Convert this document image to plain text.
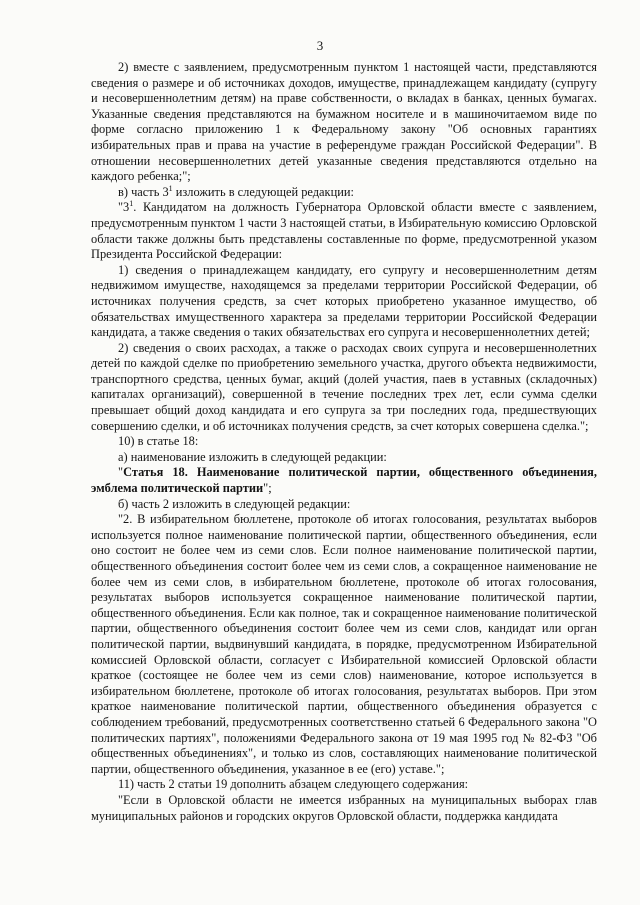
3

2) вместе с заявлением, предусмотренным пунктом 1 настоящей части, представляются сведения о размере и об источниках доходов, имуществе, принадлежащем кандидату (супругу и несовершеннолетним детям) на праве собственности, о вкладах в банках, ценных бумагах. Указанные сведения представляются на бумажном носителе и в машиночитаемом виде по форме согласно приложению 1 к Федеральному закону "Об основных гарантиях избирательных прав и права на участие в референдуме граждан Российской Федерации". В отношении несовершеннолетних детей указанные сведения представляются отдельно на каждого ребенка;";

в) часть $3^1$ изложить в следующей редакции:

"$3^1$. Кандидатом на должность Губернатора Орловской области вместе с заявлением, предусмотренным пунктом 1 части 3 настоящей статьи, в Избирательную комиссию Орловской области также должны быть представлены составленные по форме, предусмотренной указом Президента Российской Федерации:

1) сведения о принадлежащем кандидату, его супругу и несовершеннолетним детям недвижимом имуществе, находящемся за пределами территории Российской Федерации, об источниках получения средств, за счет которых приобретено указанное имущество, об обязательствах имущественного характера за пределами территории Российской Федерации кандидата, а также сведения о таких обязательствах его супруга и несовершеннолетних детей;

2) сведения о своих расходах, а также о расходах своих супруга и несовершеннолетних детей по каждой сделке по приобретению земельного участка, другого объекта недвижимости, транспортного средства, ценных бумаг, акций (долей участия, паев в уставных (складочных) капиталах организаций), совершенной в течение последних трех лет, если сумма сделки превышает общий доход кандидата и его супруга за три последних года, предшествующих совершению сделки, и об источниках получения средств, за счет которых совершена сделка.";

10) в статье 18:

а) наименование изложить в следующей редакции:

"Статья 18. Наименование политической партии, общественного объединения, эмблема политической партии";

б) часть 2 изложить в следующей редакции:

"2. В избирательном бюллетене, протоколе об итогах голосования, результатах выборов используется полное наименование политической партии, общественного объединения, если оно состоит не более чем из семи слов. Если полное наименование политической партии, общественного объединения состоит более чем из семи слов, а сокращенное наименование не более чем из семи слов, в избирательном бюллетене, протоколе об итогах голосования, результатах выборов используется сокращенное наименование политической партии, общественного объединения. Если как полное, так и сокращенное наименование политической партии, общественного объединения состоит более чем из семи слов, кандидат или орган политической партии, выдвинувший кандидата, в порядке, предусмотренном Избирательной комиссией Орловской области, согласует с Избирательной комиссией Орловской области краткое (состоящее не более чем из семи слов) наименование, которое используется в избирательном бюллетене, протоколе об итогах голосования, результатах выборов. При этом краткое наименование политической партии, общественного объединения образуется с соблюдением требований, предусмотренных соответственно статьей 6 Федерального закона "О политических партиях", положениями Федерального закона от 19 мая 1995 год № 82-ФЗ "Об общественных объединениях", и только из слов, составляющих наименование политической партии, общественного объединения, указанное в ее (его) уставе.";

11) часть 2 статьи 19 дополнить абзацем следующего содержания:

"Если в Орловской области не имеется избранных на муниципальных выборах глав муниципальных районов и городских округов Орловской области, поддержка кандидата
